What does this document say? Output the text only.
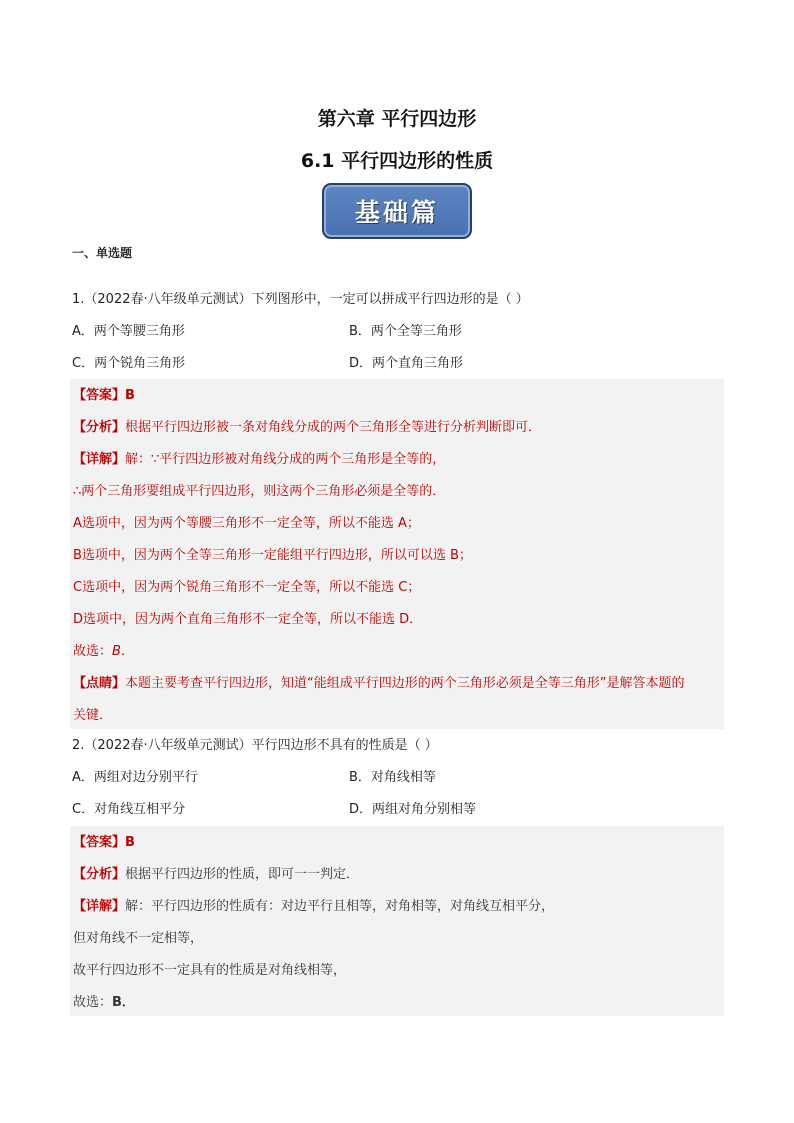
第六章 平行四边形
6.1 平行四边形的性质
基础篇
一、单选题
1.（2022春·八年级单元测试）下列图形中，一定可以拼成平行四边形的是（ ）
A．两个等腰三角形	B．两个全等三角形
C．两个锐角三角形	D．两个直角三角形
【答案】B
【分析】根据平行四边形被一条对角线分成的两个三角形全等进行分析判断即可．
【详解】解：∵平行四边形被对角线分成的两个三角形是全等的，
∴两个三角形要组成平行四边形，则这两个三角形必须是全等的．
A选项中，因为两个等腰三角形不一定全等，所以不能选 A；
B选项中，因为两个全等三角形一定能组平行四边形，所以可以选 B；
C选项中，因为两个锐角三角形不一定全等，所以不能选 C；
D选项中，因为两个直角三角形不一定全等，所以不能选 D．
故选：B．
【点睛】本题主要考查平行四边形，知道“能组成平行四边形的两个三角形必须是全等三角形”是解答本题的
关键．
2.（2022春·八年级单元测试）平行四边形不具有的性质是（ ）
A．两组对边分别平行	B．对角线相等
C．对角线互相平分	D．两组对角分别相等
【答案】B
【分析】根据平行四边形的性质，即可一一判定．
【详解】解：平行四边形的性质有：对边平行且相等，对角相等，对角线互相平分，
但对角线不一定相等，
故平行四边形不一定具有的性质是对角线相等，
故选：B．
